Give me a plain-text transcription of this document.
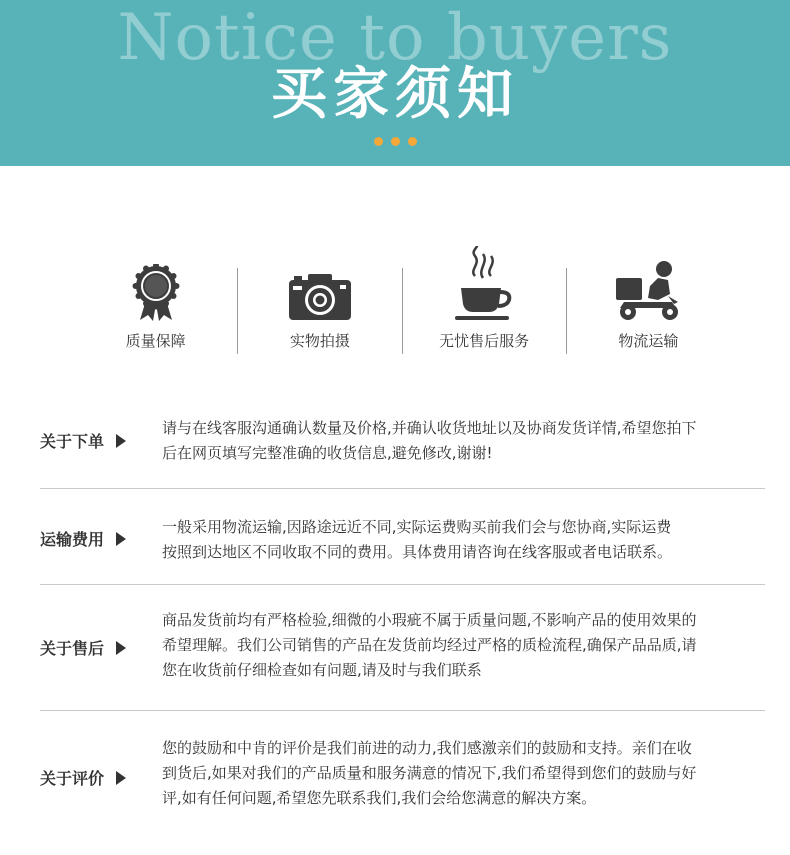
Notice to buyers
买家须知
质量保障	实物拍摄	无忧售后服务	物流运输
关于下单
请与在线客服沟通确认数量及价格,并确认收货地址以及协商发货详情,希望您拍下
后在网页填写完整准确的收货信息,避免修改,谢谢!
运输费用
一般采用物流运输,因路途远近不同,实际运费购买前我们会与您协商,实际运费
按照到达地区不同收取不同的费用。具体费用请咨询在线客服或者电话联系。
关于售后
商品发货前均有严格检验,细微的小瑕疵不属于质量问题,不影响产品的使用效果的
希望理解。我们公司销售的产品在发货前均经过严格的质检流程,确保产品品质,请
您在收货前仔细检查如有问题,请及时与我们联系
关于评价
您的鼓励和中肯的评价是我们前进的动力,我们感激亲们的鼓励和支持。亲们在收
到货后,如果对我们的产品质量和服务满意的情况下,我们希望得到您们的鼓励与好
评,如有任何问题,希望您先联系我们,我们会给您满意的解决方案。
